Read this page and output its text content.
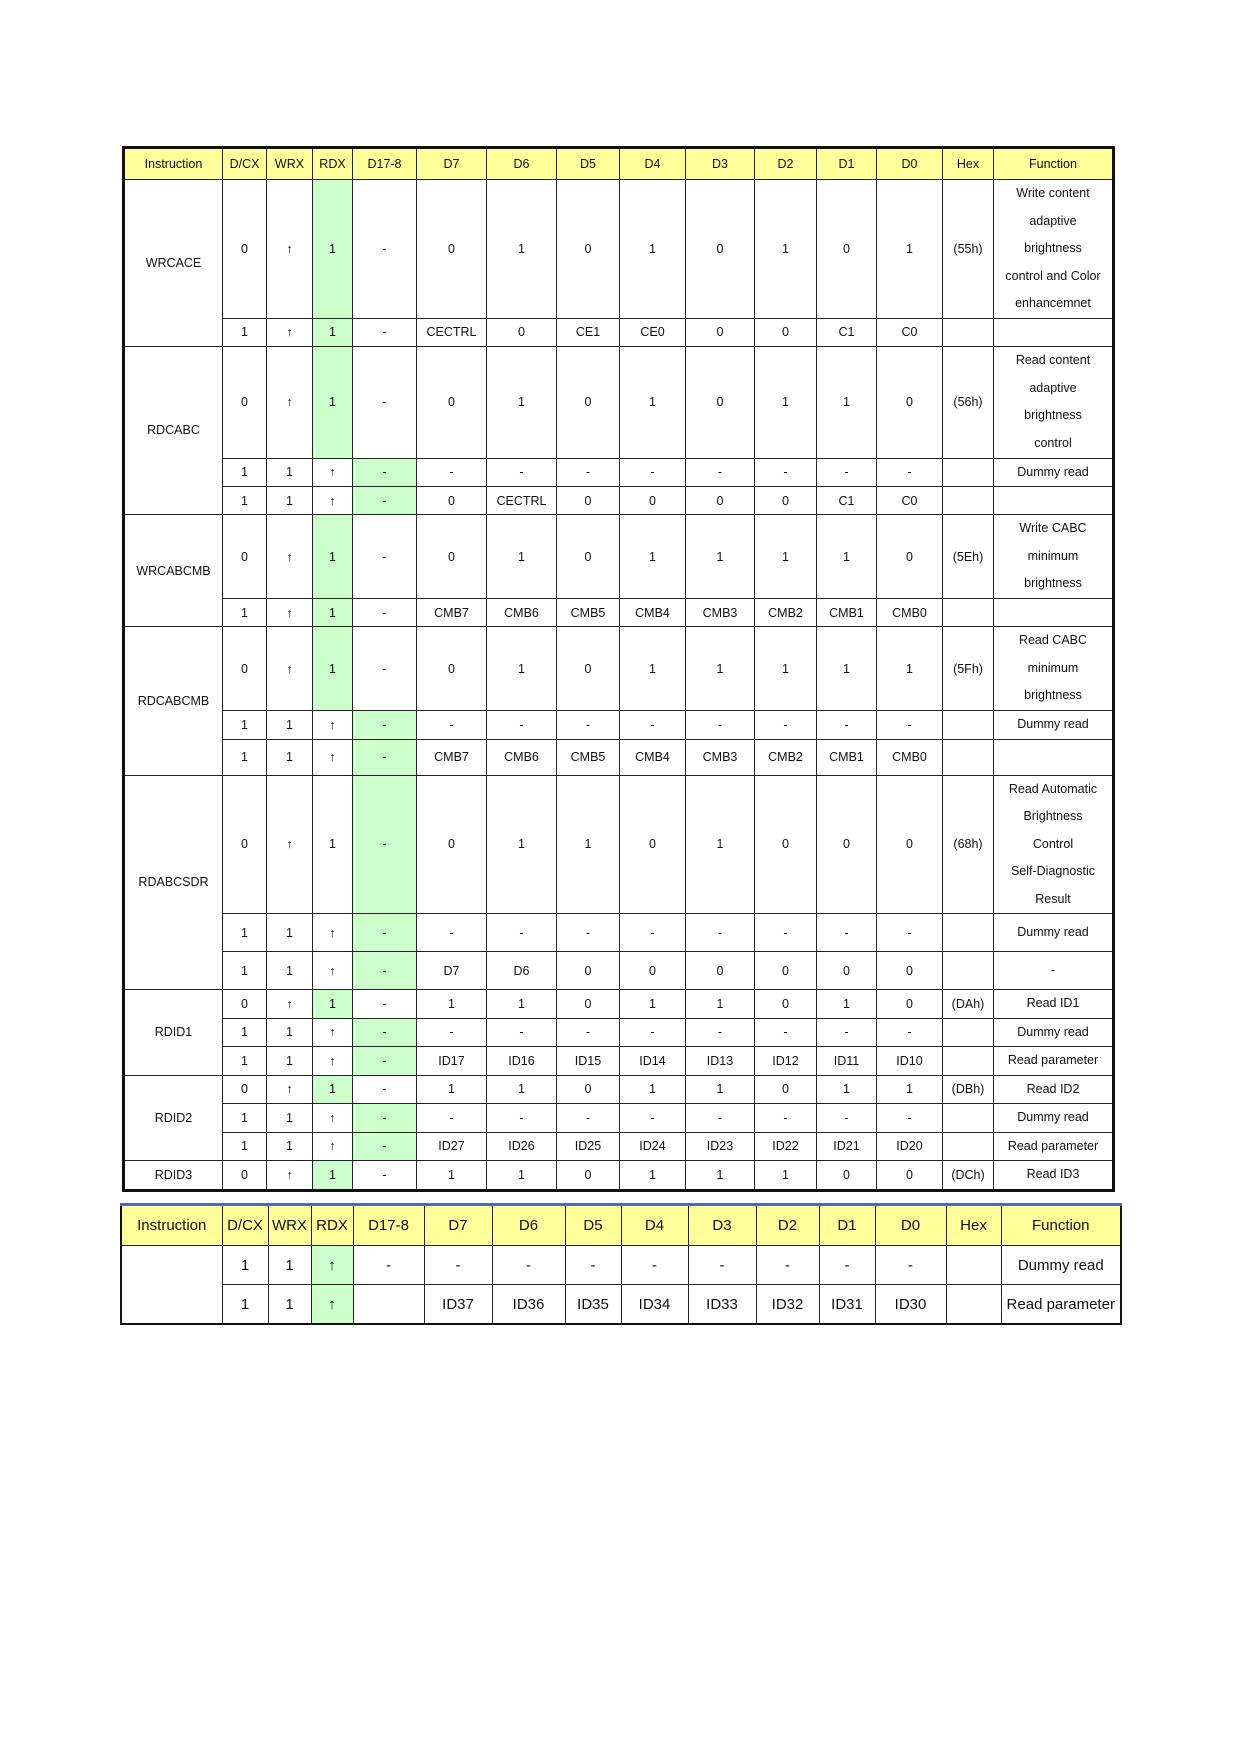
Instruction	D/CX	WRX	RDX	D17-8	D7	D6	D5	D4	D3	D2	D1	D0	Hex	Function
WRCACE	0	↑	1	-	0	1	0	1	0	1	0	1	(55h)	Write content
adaptive
brightness
control and Color
enhancemnet
	1	↑	1	-	CECTRL	0	CE1	CE0	0	0	C1	C0		
RDCABC	0	↑	1	-	0	1	0	1	0	1	1	0	(56h)	Read content
adaptive
brightness
control
	1	1	↑	-	-	-	-	-	-	-	-	-		Dummy read
	1	1	↑	-	0	CECTRL	0	0	0	0	C1	C0		
WRCABCMB	0	↑	1	-	0	1	0	1	1	1	1	0	(5Eh)	Write CABC
minimum
brightness
	1	↑	1	-	CMB7	CMB6	CMB5	CMB4	CMB3	CMB2	CMB1	CMB0		
RDCABCMB	0	↑	1	-	0	1	0	1	1	1	1	1	(5Fh)	Read CABC
minimum
brightness
	1	1	↑	-	-	-	-	-	-	-	-	-		Dummy read
	1	1	↑	-	CMB7	CMB6	CMB5	CMB4	CMB3	CMB2	CMB1	CMB0		
RDABCSDR	0	↑	1	-	0	1	1	0	1	0	0	0	(68h)	Read Automatic
Brightness
Control
Self-Diagnostic
Result
	1	1	↑	-	-	-	-	-	-	-	-	-		Dummy read
	1	1	↑	-	D7	D6	0	0	0	0	0	0		-
RDID1	0	↑	1	-	1	1	0	1	1	0	1	0	(DAh)	Read ID1
	1	1	↑	-	-	-	-	-	-	-	-	-		Dummy read
	1	1	↑	-	ID17	ID16	ID15	ID14	ID13	ID12	ID11	ID10		Read parameter
RDID2	0	↑	1	-	1	1	0	1	1	0	1	1	(DBh)	Read ID2
	1	1	↑	-	-	-	-	-	-	-	-	-		Dummy read
	1	1	↑	-	ID27	ID26	ID25	ID24	ID23	ID22	ID21	ID20		Read parameter
RDID3	0	↑	1	-	1	1	0	1	1	1	0	0	(DCh)	Read ID3
Instruction	D/CX	WRX	RDX	D17-8	D7	D6	D5	D4	D3	D2	D1	D0	Hex	Function
	1	1	↑	-	-	-	-	-	-	-	-	-		Dummy read
	1	1	↑		ID37	ID36	ID35	ID34	ID33	ID32	ID31	ID30		Read parameter
